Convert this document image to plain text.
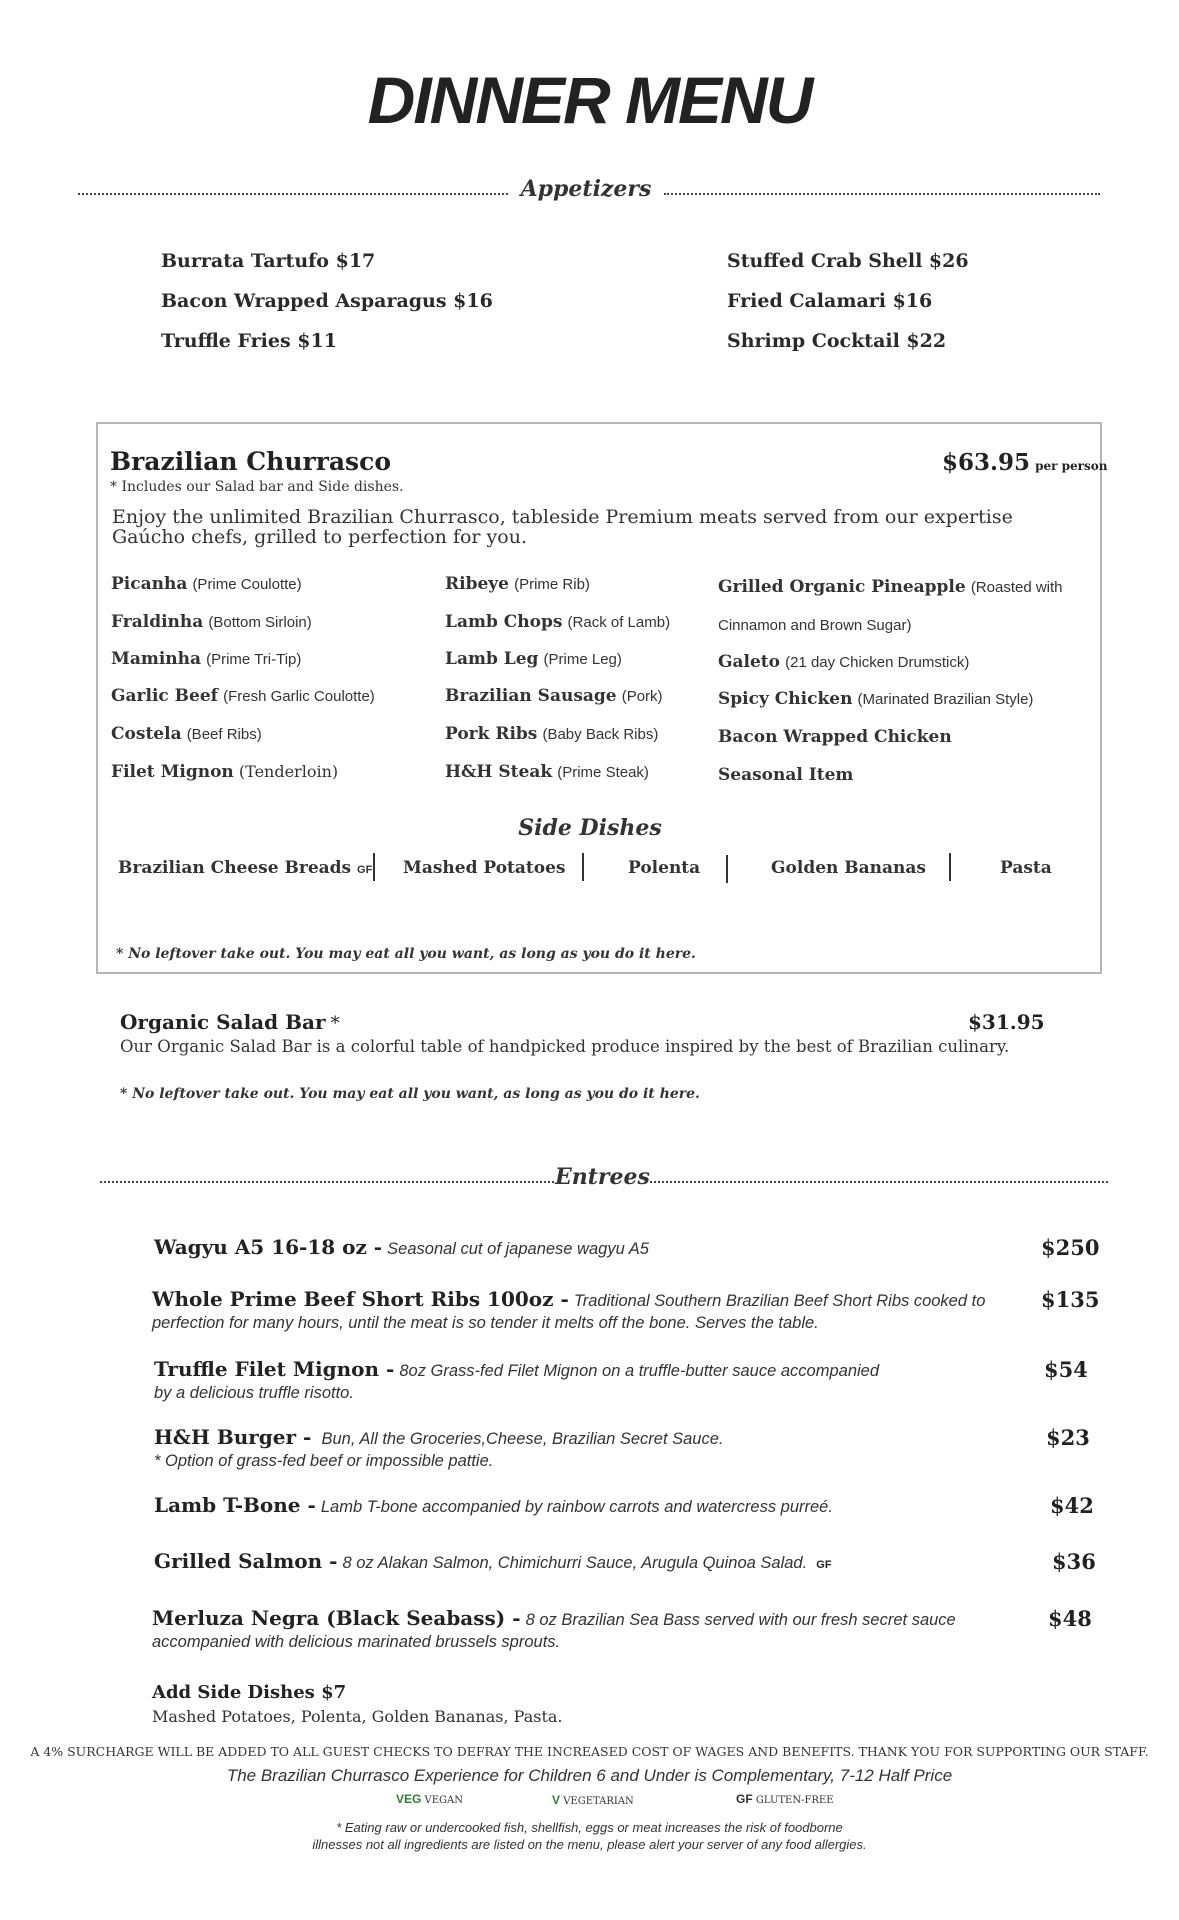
DINNER MENU
Appetizers
Burrata Tartufo $17
Bacon Wrapped Asparagus $16
Truffle Fries $11
Stuffed Crab Shell $26
Fried Calamari $16
Shrimp Cocktail $22
Brazilian Churrasco	$63.95 per person
* Includes our Salad bar and Side dishes.
Enjoy the unlimited Brazilian Churrasco, tableside Premium meats served from our expertise
Gaúcho chefs, grilled to perfection for you.
Picanha (Prime Coulotte)
Fraldinha (Bottom Sirloin)
Maminha (Prime Tri-Tip)
Garlic Beef (Fresh Garlic Coulotte)
Costela (Beef Ribs)
Filet Mignon (Tenderloin)
Ribeye (Prime Rib)
Lamb Chops (Rack of Lamb)
Lamb Leg (Prime Leg)
Brazilian Sausage (Pork)
Pork Ribs (Baby Back Ribs)
H&H Steak (Prime Steak)
Grilled Organic Pineapple (Roasted with
Cinnamon and Brown Sugar)
Galeto (21 day Chicken Drumstick)
Spicy Chicken (Marinated Brazilian Style)
Bacon Wrapped Chicken
Seasonal Item
Side Dishes
Brazilian Cheese Breads GF Mashed Potatoes	Polenta	Golden Bananas	Pasta
* No leftover take out. You may eat all you want, as long as you do it here.
Organic Salad Bar *	$31.95
Our Organic Salad Bar is a colorful table of handpicked produce inspired by the best of Brazilian culinary.
* No leftover take out. You may eat all you want, as long as you do it here.
Entrees
Wagyu A5 16-18 oz - Seasonal cut of japanese wagyu A5	$250
Whole Prime Beef Short Ribs 100oz - Traditional Southern Brazilian Beef Short Ribs cooked to
perfection for many hours, until the meat is so tender it melts off the bone. Serves the table.
$135
Truffle Filet Mignon - 8oz Grass-fed Filet Mignon on a truffle-butter sauce accompanied
by a delicious truffle risotto.
$54
H&H Burger - Bun, All the Groceries,Cheese, Brazilian Secret Sauce.
* Option of grass-fed beef or impossible pattie.
$23
Lamb T-Bone - Lamb T-bone accompanied by rainbow carrots and watercress purreé.	$42
Grilled Salmon - 8 oz Alakan Salmon, Chimichurri Sauce, Arugula Quinoa Salad. GF	$36
Merluza Negra (Black Seabass) - 8 oz Brazilian Sea Bass served with our fresh secret sauce
accompanied with delicious marinated brussels sprouts.
$48
Add Side Dishes $7
Mashed Potatoes, Polenta, Golden Bananas, Pasta.
A 4% SURCHARGE WILL BE ADDED TO ALL GUEST CHECKS TO DEFRAY THE INCREASED COST OF WAGES AND BENEFITS. THANK YOU FOR SUPPORTING OUR STAFF.
The Brazilian Churrasco Experience for Children 6 and Under is Complementary, 7-12 Half Price
VEG VEGAN	V VEGETARIAN	GF GLUTEN-FREE
* Eating raw or undercooked fish, shellfish, eggs or meat increases the risk of foodborne
illnesses not all ingredients are listed on the menu, please alert your server of any food allergies.
